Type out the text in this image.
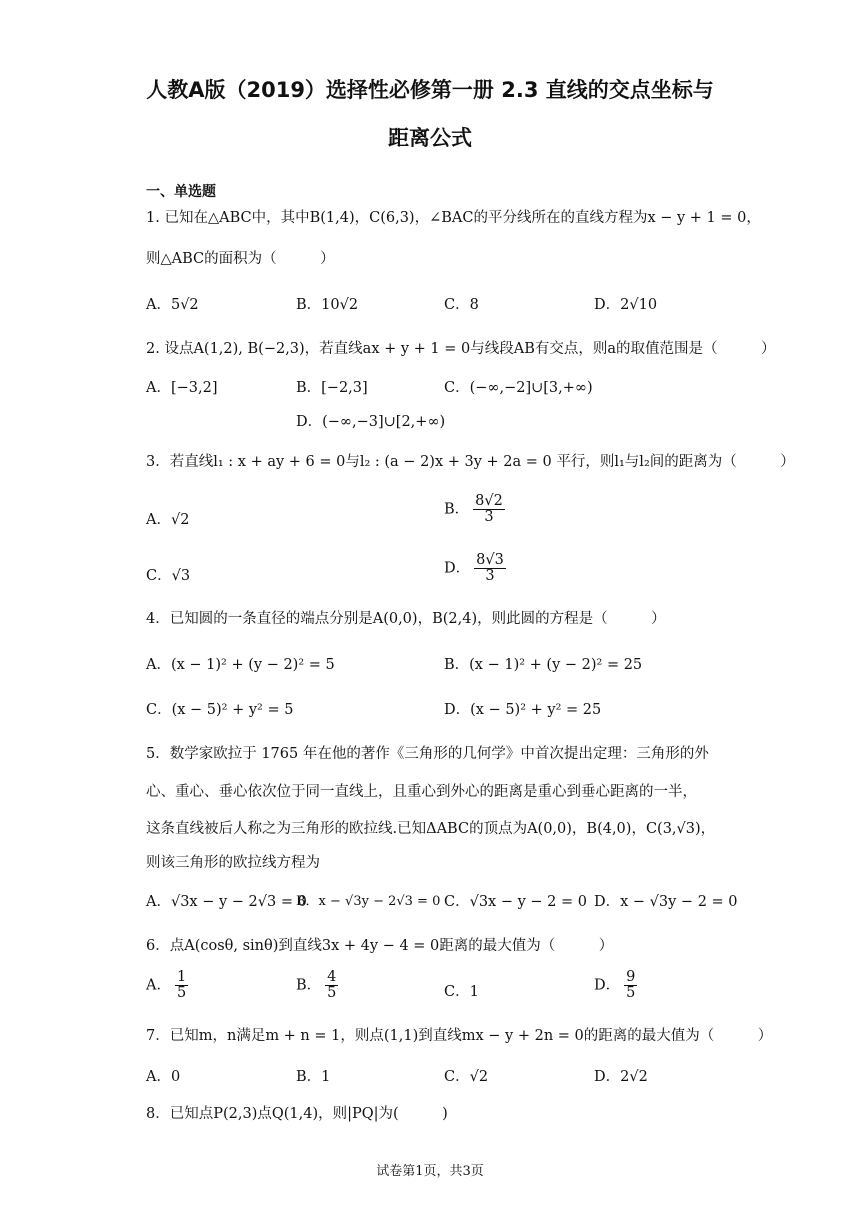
人教A版（2019）选择性必修第一册 2.3 直线的交点坐标与
距离公式
一、单选题
1. 已知在△ABC中，其中B(1,4)，C(6,3)，∠BAC的平分线所在的直线方程为x − y + 1 = 0，
则△ABC的面积为（　　　）
A．5√2	B．10√2	C．8	D．2√10
2. 设点A(1,2), B(−2,3)，若直线ax + y + 1 = 0与线段AB有交点，则a的取值范围是（　　　）
A．[−3,2]	B．[−2,3]	C．(−∞,−2]∪[3,+∞)
D．(−∞,−3]∪[2,+∞)
3．若直线l₁ : x + ay + 6 = 0与l₂ : (a − 2)x + 3y + 2a = 0 平行，则l₁与l₂间的距离为（　　　）
A．√2
B． $\frac{8√2}{3}$
C．√3	D． $\frac{8√3}{3}$
4．已知圆的一条直径的端点分别是A(0,0)，B(2,4)，则此圆的方程是（　　　）
A．(x − 1)² + (y − 2)² = 5	B．(x − 1)² + (y − 2)² = 25
C．(x − 5)² + y² = 5	D．(x − 5)² + y² = 25
5．数学家欧拉于 1765 年在他的著作《三角形的几何学》中首次提出定理：三角形的外
心、重心、垂心依次位于同一直线上，且重心到外心的距离是重心到垂心距离的一半，
这条直线被后人称之为三角形的欧拉线.已知ΔABC的顶点为A(0,0)，B(4,0)，C(3,√3)，
则该三角形的欧拉线方程为
A．√3x − y − 2√3 = 0
B．x − √3y − 2√3 = 0 C．√3x − y − 2 = 0 D．x − √3y − 2 = 0
6．点A(cosθ, sinθ)到直线3x + 4y − 4 = 0距离的最大值为（　　　）
A． $\frac{1}{5}$	B． $\frac{4}{5}$	C．1	D． $\frac{9}{5}$
7．已知m，n满足m + n = 1，则点(1,1)到直线mx − y + 2n = 0的距离的最大值为（　　　）
A．0	B．1	C．√2	D．2√2
8．已知点P(2,3)点Q(1,4)，则|PQ|为(　　　)
试卷第1页，共3页
